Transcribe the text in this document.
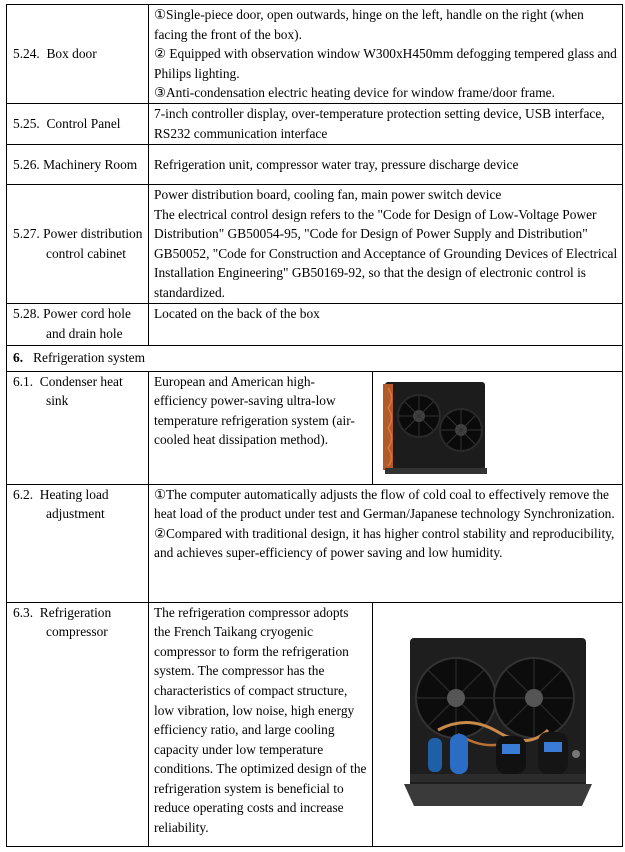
5.24. Box door	①Single-piece door, open outwards, hinge on the left, handle on the right (when facing the front of the box).
② Equipped with observation window W300xH450mm defogging tempered glass and Philips lighting.
③Anti-condensation electric heating device for window frame/door frame.	

5.25. Control Panel	7-inch controller display, over-temperature protection setting device, USB interface, RS232 communication interface	

5.26. Machinery Room	Refrigeration unit, compressor water tray, pressure discharge device	

5.27. Power distribution control cabinet	Power distribution board, cooling fan, main power switch device
The electrical control design refers to the "Code for Design of Low-Voltage Power Distribution" GB50054-95, "Code for Design of Power Supply and Distribution" GB50052, "Code for Construction and Acceptance of Grounding Devices of Electrical Installation Engineering" GB50169-92, so that the design of electronic control is standardized.	

5.28. Power cord hole and drain hole	Located on the back of the box	
6. Refrigeration system		

6.1. Condenser heat sink	European and American high-efficiency power-saving ultra-low temperature refrigeration system (air-cooled heat dissipation method).	

6.2. Heating load adjustment	①The computer automatically adjusts the flow of cold coal to effectively remove the heat load of the product under test and German/Japanese technology Synchronization.
②Compared with traditional design, it has higher control stability and reproducibility, and achieves super-efficiency of power saving and low humidity.	

6.3. Refrigeration compressor	The refrigeration compressor adopts the French Taikang cryogenic compressor to form the refrigeration system. The compressor has the characteristics of compact structure, low vibration, low noise, high energy efficiency ratio, and large cooling capacity under low temperature conditions. The optimized design of the refrigeration system is beneficial to reduce operating costs and increase reliability.	
